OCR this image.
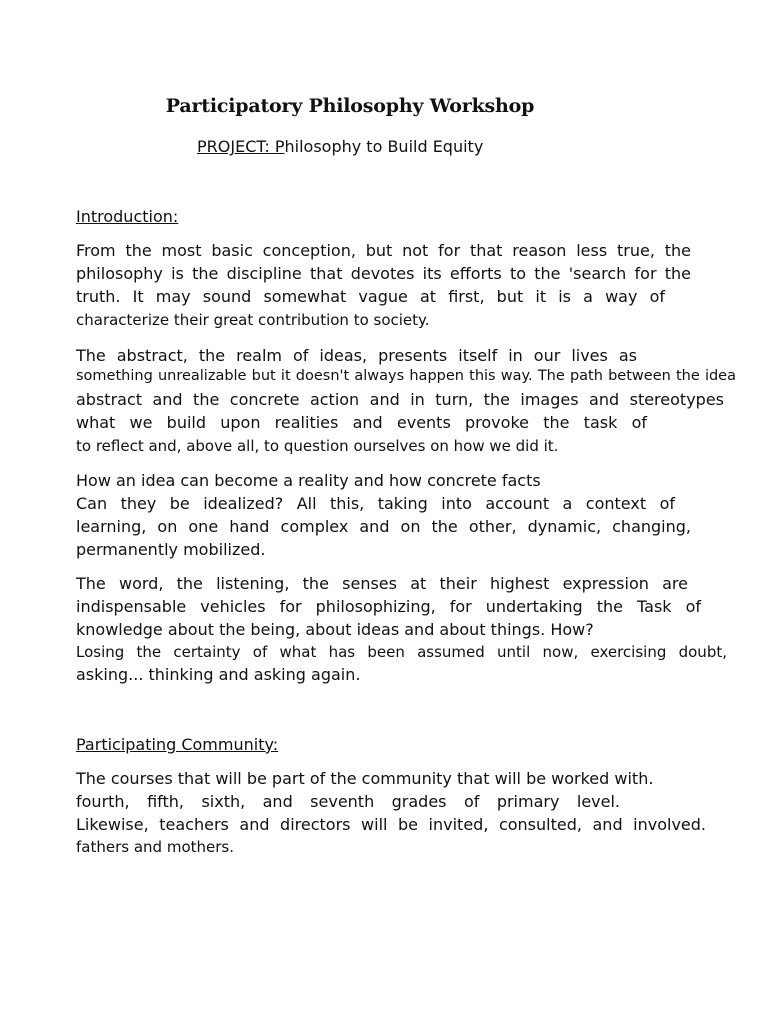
Participatory Philosophy Workshop

PROJECT: Philosophy to Build Equity

Introduction:

From the most basic conception, but not for that reason less true, the

philosophy is the discipline that devotes its efforts to the 'search for the

truth. It may sound somewhat vague at first, but it is a way of

characterize their great contribution to society.

The abstract, the realm of ideas, presents itself in our lives as

something unrealizable but it doesn't always happen this way. The path between the idea

abstract and the concrete action and in turn, the images and stereotypes

what we build upon realities and events provoke the task of

to reflect and, above all, to question ourselves on how we did it.

How an idea can become a reality and how concrete facts

Can they be idealized? All this, taking into account a context of

learning, on one hand complex and on the other, dynamic, changing,

permanently mobilized.

The word, the listening, the senses at their highest expression are

indispensable vehicles for philosophizing, for undertaking the Task of

knowledge about the being, about ideas and about things. How?

Losing the certainty of what has been assumed until now, exercising doubt,

asking... thinking and asking again.

Participating Community:

The courses that will be part of the community that will be worked with.

fourth, fifth, sixth, and seventh grades of primary level.

Likewise, teachers and directors will be invited, consulted, and involved.

fathers and mothers.
